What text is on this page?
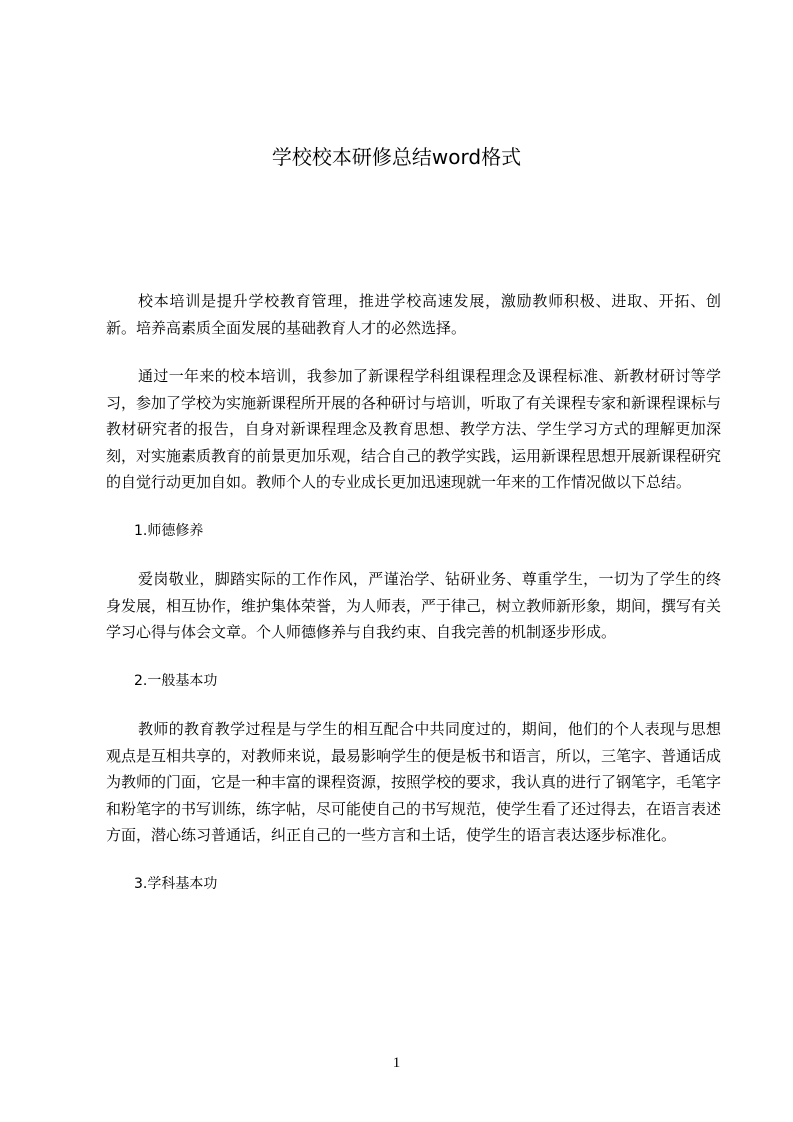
学校校本研修总结word格式

校本培训是提升学校教育管理，推进学校高速发展，激励教师积极、进取、开拓、创新。培养高素质全面发展的基础教育人才的必然选择。

通过一年来的校本培训，我参加了新课程学科组课程理念及课程标准、新教材研讨等学习，参加了学校为实施新课程所开展的各种研讨与培训，听取了有关课程专家和新课程课标与教材研究者的报告，自身对新课程理念及教育思想、教学方法、学生学习方式的理解更加深刻，对实施素质教育的前景更加乐观，结合自己的教学实践，运用新课程思想开展新课程研究的自觉行动更加自如。教师个人的专业成长更加迅速现就一年来的工作情况做以下总结。

1.师德修养

爱岗敬业，脚踏实际的工作作风，严谨治学、钻研业务、尊重学生，一切为了学生的终身发展，相互协作，维护集体荣誉，为人师表，严于律己，树立教师新形象，期间，撰写有关学习心得与体会文章。个人师德修养与自我约束、自我完善的机制逐步形成。

2.一般基本功

教师的教育教学过程是与学生的相互配合中共同度过的，期间，他们的个人表现与思想观点是互相共享的，对教师来说，最易影响学生的便是板书和语言，所以，三笔字、普通话成为教师的门面，它是一种丰富的课程资源，按照学校的要求，我认真的进行了钢笔字，毛笔字和粉笔字的书写训练，练字帖，尽可能使自己的书写规范，使学生看了还过得去，在语言表述方面，潜心练习普通话，纠正自己的一些方言和土话，使学生的语言表达逐步标准化。

3.学科基本功
1
